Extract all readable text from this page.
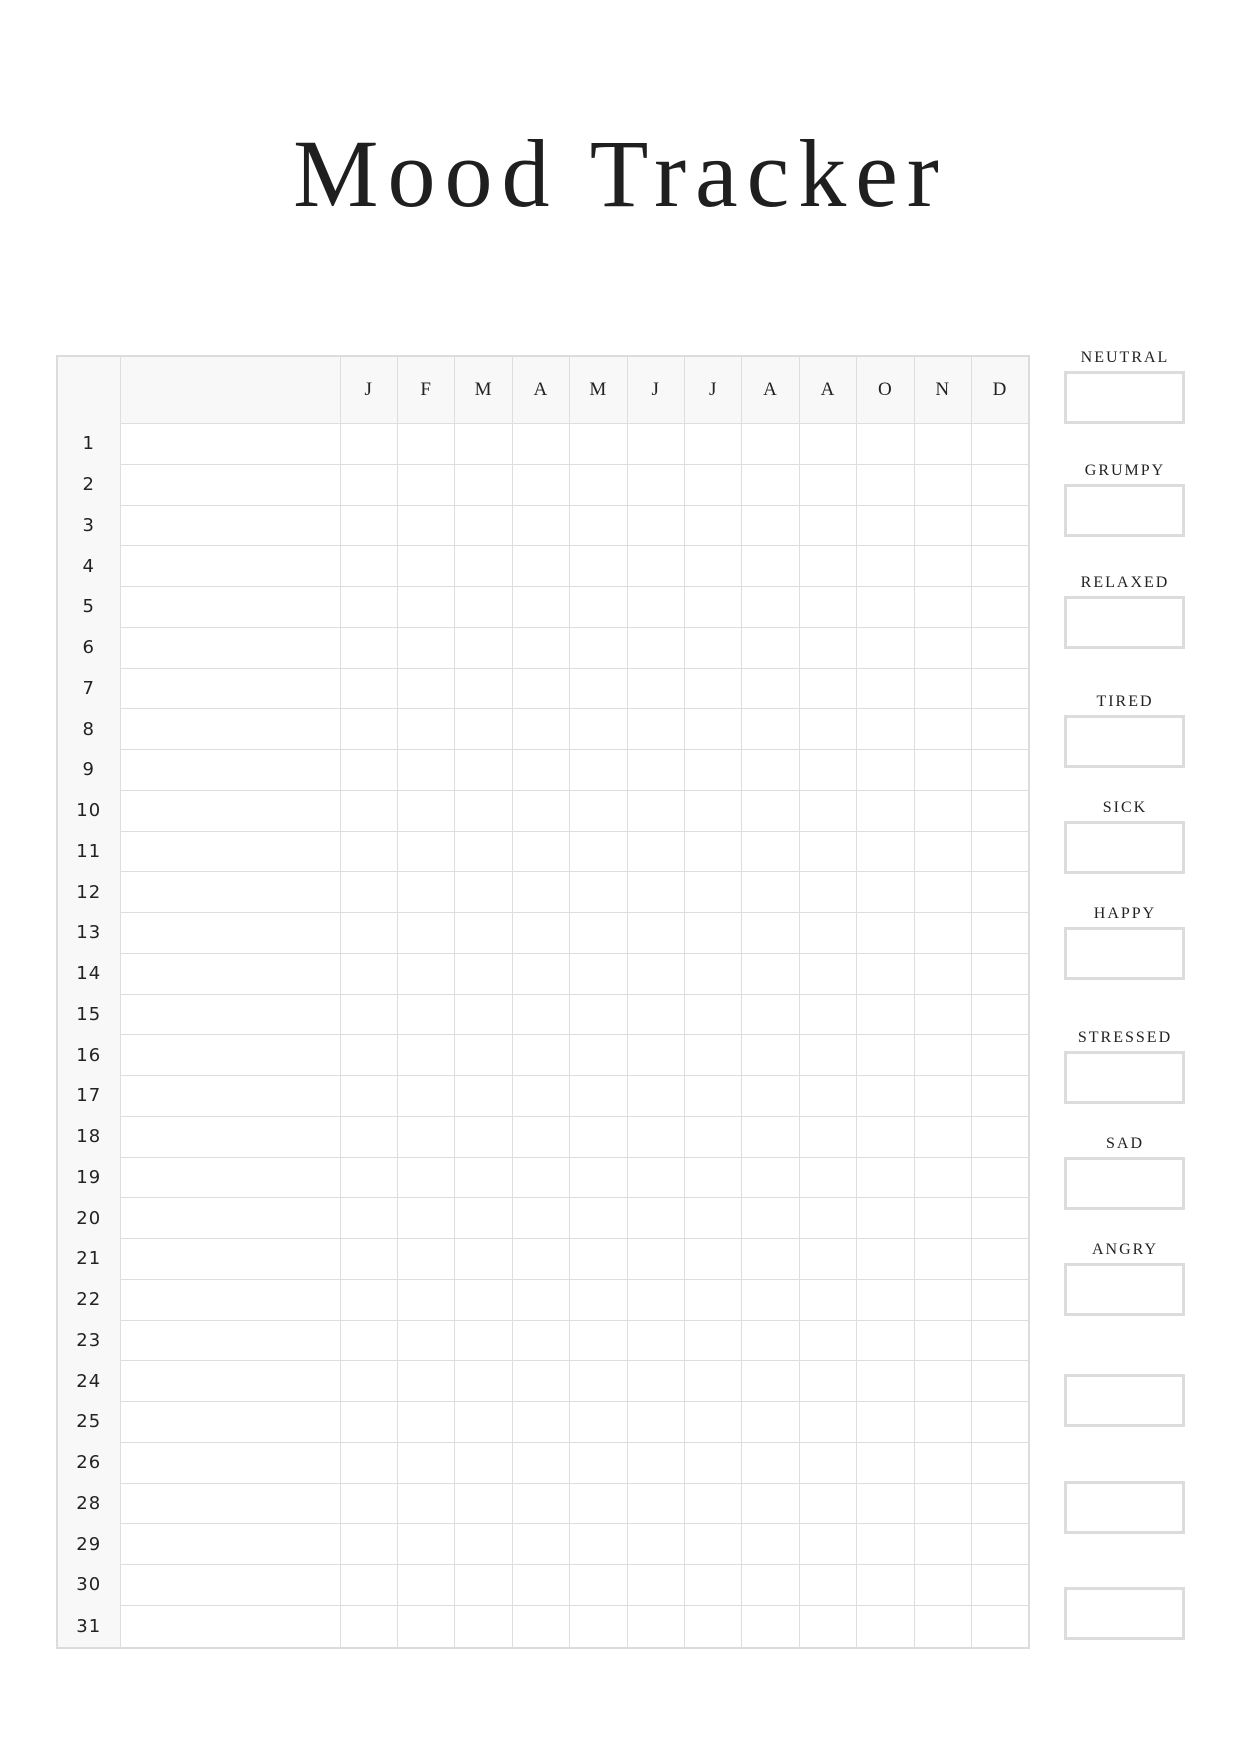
Mood Tracker
		J	F	M	A	M	J	J	A	A	O	N	D
1													
2													
3													
4													
5													
6													
7													
8													
9													
10													
11													
12													
13													
14													
15													
16													
17													
18													
19													
20													
21													
22													
23													
24													
25													
26													
28													
29													
30													
31													
NEUTRAL
GRUMPY
RELAXED
TIRED
SICK
HAPPY
STRESSED
SAD
ANGRY
